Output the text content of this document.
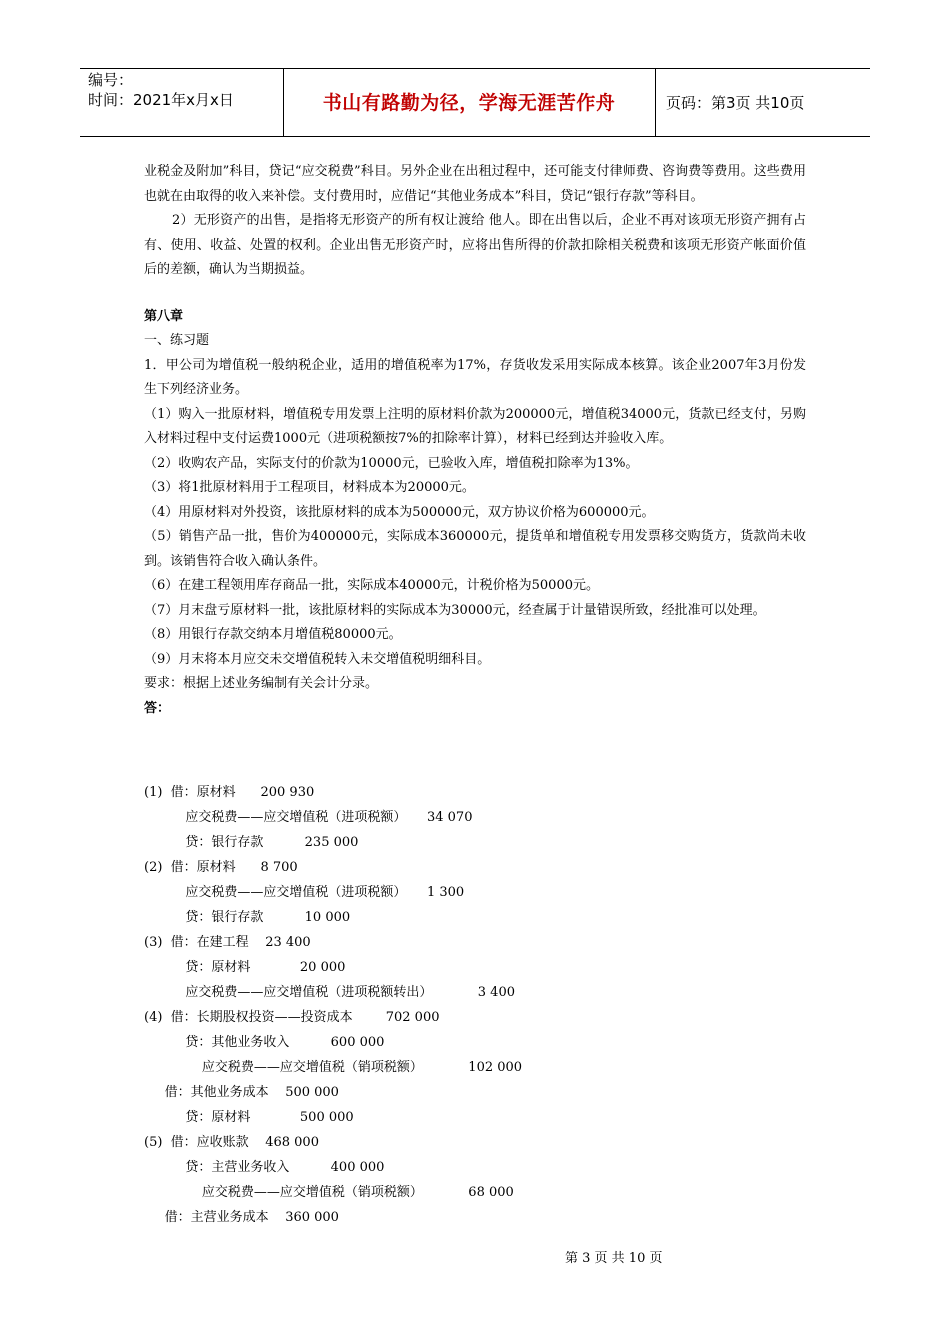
编号：
时间：2021年x月x日	书山有路勤为径，学海无涯苦作舟	页码：第3页 共10页

业税金及附加”科目，贷记“应交税费”科目。另外企业在出租过程中，还可能支付律师费、咨询费等费用。这些费用也就在由取得的收入来补偿。支付费用时，应借记“其他业务成本”科目，贷记“银行存款”等科目。

2）无形资产的出售，是指将无形资产的所有权让渡给 他人。即在出售以后，企业不再对该项无形资产拥有占有、使用、收益、处置的权利。企业出售无形资产时，应将出售所得的价款扣除相关税费和该项无形资产帐面价值后的差额，确认为当期损益。

第八章

一、练习题

1．甲公司为增值税一般纳税企业，适用的增值税率为17%，存货收发采用实际成本核算。该企业2007年3月份发生下列经济业务。

（1）购入一批原材料，增值税专用发票上注明的原材料价款为200000元，增值税34000元，货款已经支付，另购入材料过程中支付运费1000元（进项税额按7%的扣除率计算），材料已经到达并验收入库。

（2）收购农产品，实际支付的价款为10000元，已验收入库，增值税扣除率为13%。

（3）将1批原材料用于工程项目，材料成本为20000元。

（4）用原材料对外投资，该批原材料的成本为500000元，双方协议价格为600000元。

（5）销售产品一批，售价为400000元，实际成本360000元，提货单和增值税专用发票移交购货方，货款尚未收到。该销售符合收入确认条件。

（6）在建工程领用库存商品一批，实际成本40000元，计税价格为50000元。

（7）月末盘亏原材料一批，该批原材料的实际成本为30000元，经查属于计量错误所致，经批准可以处理。

（8）用银行存款交纳本月增值税80000元。

（9）月末将本月应交未交增值税转入未交增值税明细科目。

要求：根据上述业务编制有关会计分录。

答：

(1)  借：原材料      200 930
应交税费——应交增值税（进项税额）     34 070
贷：银行存款          235 000
(2)  借：原材料      8 700
应交税费——应交增值税（进项税额）     1 300
贷：银行存款          10 000
(3)  借：在建工程    23 400
贷：原材料            20 000
应交税费——应交增值税（进项税额转出）           3 400
(4)  借：长期股权投资——投资成本        702 000
贷：其他业务收入          600 000
应交税费——应交增值税（销项税额）           102 000
借：其他业务成本    500 000
贷：原材料            500 000
(5)  借：应收账款    468 000
贷：主营业务收入          400 000
应交税费——应交增值税（销项税额）           68 000
借：主营业务成本    360 000
第 3 页 共 10 页
